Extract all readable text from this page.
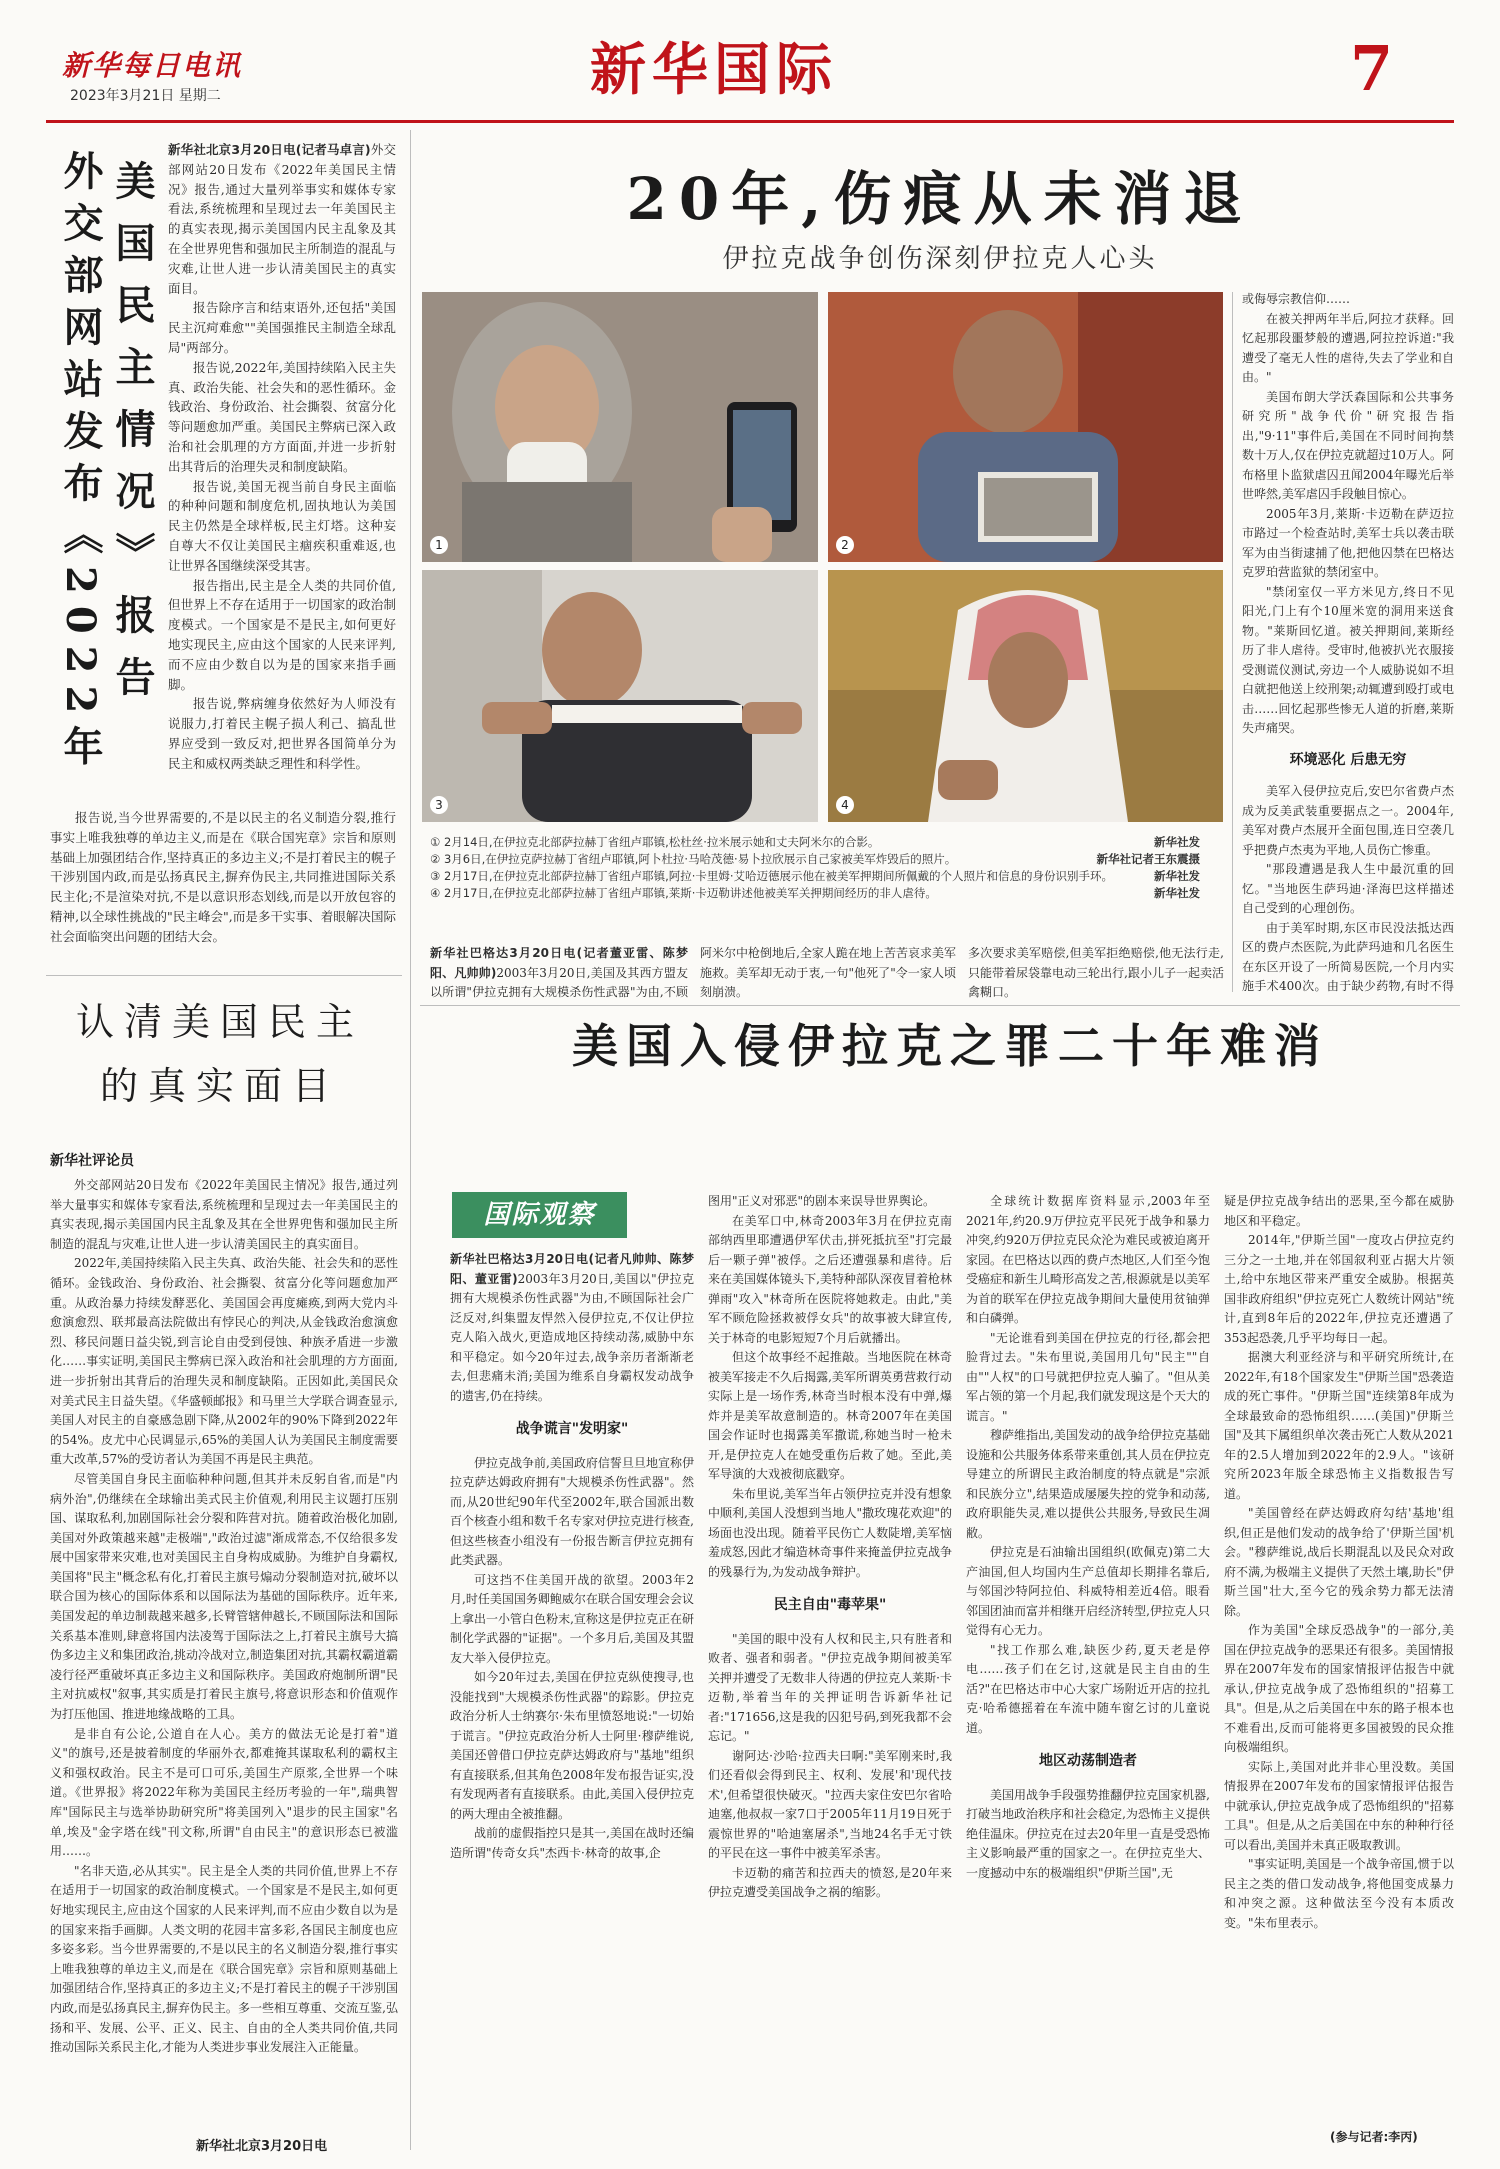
新华每日电讯
2023年3月21日 星期二	新华国际	7
外交部网站发布《2022年 美国民主情况》报告

新华社北京3月20日电(记者马卓言)外交部网站20日发布《2022年美国民主情况》报告,通过大量列举事实和媒体专家看法,系统梳理和呈现过去一年美国民主的真实表现,揭示美国国内民主乱象及其在全世界兜售和强加民主所制造的混乱与灾难,让世人进一步认清美国民主的真实面目。

报告除序言和结束语外,还包括"美国民主沉疴难愈""美国强推民主制造全球乱局"两部分。

报告说,2022年,美国持续陷入民主失真、政治失能、社会失和的恶性循环。金钱政治、身份政治、社会撕裂、贫富分化等问题愈加严重。美国民主弊病已深入政治和社会肌理的方方面面,并进一步折射出其背后的治理失灵和制度缺陷。

报告说,美国无视当前自身民主面临的种种问题和制度危机,固执地认为美国民主仍然是全球样板,民主灯塔。这种妄自尊大不仅让美国民主痼疾积重难返,也让世界各国继续深受其害。

报告指出,民主是全人类的共同价值,但世界上不存在适用于一切国家的政治制度模式。一个国家是不是民主,如何更好地实现民主,应由这个国家的人民来评判,而不应由少数自以为是的国家来指手画脚。

报告说,弊病缠身依然好为人师没有说服力,打着民主幌子损人利己、搞乱世界应受到一致反对,把世界各国简单分为民主和威权两类缺乏理性和科学性。

报告说,当今世界需要的,不是以民主的名义制造分裂,推行事实上唯我独尊的单边主义,而是在《联合国宪章》宗旨和原则基础上加强团结合作,坚持真正的多边主义;不是打着民主的幌子干涉别国内政,而是弘扬真民主,摒弃伪民主,共同推进国际关系民主化;不是渲染对抗,不是以意识形态划线,而是以开放包容的精神,以全球性挑战的"民主峰会",而是多干实事、着眼解决国际社会面临突出问题的团结大会。

认清美国民主
的真实面目
新华社评论员

外交部网站20日发布《2022年美国民主情况》报告,通过列举大量事实和媒体专家看法,系统梳理和呈现过去一年美国民主的真实表现,揭示美国国内民主乱象及其在全世界兜售和强加民主所制造的混乱与灾难,让世人进一步认清美国民主的真实面目。

2022年,美国持续陷入民主失真、政治失能、社会失和的恶性循环。金钱政治、身份政治、社会撕裂、贫富分化等问题愈加严重。从政治暴力持续发酵恶化、美国国会再度瘫痪,到两大党内斗愈演愈烈、联邦最高法院做出有悖民心的判决,从金钱政治愈演愈烈、移民问题日益尖锐,到言论自由受到侵蚀、种族矛盾进一步激化……事实证明,美国民主弊病已深入政治和社会肌理的方方面面,进一步折射出其背后的治理失灵和制度缺陷。正因如此,美国民众对美式民主日益失望。《华盛顿邮报》和马里兰大学联合调查显示,美国人对民主的自豪感急剧下降,从2002年的90%下降到2022年的54%。皮尤中心民调显示,65%的美国人认为美国民主制度需要重大改革,57%的受访者认为美国不再是民主典范。

尽管美国自身民主面临种种问题,但其并未反躬自省,而是"内病外治",仍继续在全球输出美式民主价值观,利用民主议题打压别国、谋取私利,加剧国际社会分裂和阵营对抗。随着政治极化加剧,美国对外政策越来越"走极端","政治过滤"渐成常态,不仅给很多发展中国家带来灾难,也对美国民主自身构成威胁。为维护自身霸权,美国将"民主"概念私有化,打着民主旗号煽动分裂制造对抗,破坏以联合国为核心的国际体系和以国际法为基础的国际秩序。近年来,美国发起的单边制裁越来越多,长臂管辖伸越长,不顾国际法和国际关系基本准则,肆意将国内法凌驾于国际法之上,打着民主旗号大搞伪多边主义和集团政治,挑动冷战对立,制造集团对抗,其霸权霸道霸凌行径严重破坏真正多边主义和国际秩序。美国政府炮制所谓"民主对抗威权"叙事,其实质是打着民主旗号,将意识形态和价值观作为打压他国、推进地缘战略的工具。

是非自有公论,公道自在人心。美方的做法无论是打着"道义"的旗号,还是披着制度的华丽外衣,都难掩其谋取私利的霸权主义和强权政治。民主不是可口可乐,美国生产原浆,全世界一个味道。《世界报》将2022年称为美国民主经历考验的一年",瑞典智库"国际民主与选举协助研究所"将美国列入"退步的民主国家"名单,埃及"金字塔在线"刊文称,所谓"自由民主"的意识形态已被滥用……。

"名非天造,必从其实"。民主是全人类的共同价值,世界上不存在适用于一切国家的政治制度模式。一个国家是不是民主,如何更好地实现民主,应由这个国家的人民来评判,而不应由少数自以为是的国家来指手画脚。人类文明的花园丰富多彩,各国民主制度也应多姿多彩。当今世界需要的,不是以民主的名义制造分裂,推行事实上唯我独尊的单边主义,而是在《联合国宪章》宗旨和原则基础上加强团结合作,坚持真正的多边主义;不是打着民主的幌子干涉别国内政,而是弘扬真民主,摒弃伪民主。多一些相互尊重、交流互鉴,弘扬和平、发展、公平、正义、民主、自由的全人类共同价值,共同推动国际关系民主化,才能为人类进步事业发展注入正能量。

新华社北京3月20日电
20年,伤痕从未消退
伊拉克战争创伤深刻伊拉克人心头
1	2
3	4
新华社发
① 2月14日,在伊拉克北部萨拉赫丁省纽卢耶镇,松杜丝·拉米展示她和丈夫阿米尔的合影。
新华社记者王东震摄
② 3月6日,在伊拉克萨拉赫丁省纽卢耶镇,阿卜杜拉·马哈茂德·易卜拉欣展示自己家被美军炸毁后的照片。
新华社发
③ 2月17日,在伊拉克北部萨拉赫丁省纽卢耶镇,阿拉·卡里姆·艾哈迈德展示他在被美军押期间所佩戴的个人照片和信息的身份识别手环。
新华社发
④ 2月17日,在伊拉克北部萨拉赫丁省纽卢耶镇,莱斯·卡迈勒讲述他被美军关押期间经历的非人虐待。

或侮辱宗教信仰……

在被关押两年半后,阿拉才获释。回忆起那段噩梦般的遭遇,阿拉控诉道:"我遭受了毫无人性的虐待,失去了学业和自由。"

美国布朗大学沃森国际和公共事务研究所"战争代价"研究报告指出,"9·11"事件后,美国在不同时间拘禁数十万人,仅在伊拉克就超过10万人。阿布格里卜监狱虐囚丑闻2004年曝光后举世哗然,美军虐囚手段触目惊心。

2005年3月,莱斯·卡迈勒在萨迈拉市路过一个检查站时,美军士兵以袭击联军为由当街逮捕了他,把他囚禁在巴格达克罗珀营监狱的禁闭室中。

"禁闭室仅一平方米见方,终日不见阳光,门上有个10厘米宽的洞用来送食物。"莱斯回忆道。被关押期间,莱斯经历了非人虐待。受审时,他被扒光衣服接受测谎仪测试,旁边一个人威胁说如不坦白就把他送上绞刑架;动辄遭到殴打或电击……回忆起那些惨无人道的折磨,莱斯失声痛哭。

环境恶化 后患无穷

美军入侵伊拉克后,安巴尔省费卢杰成为反美武装重要据点之一。2004年,美军对费卢杰展开全面包围,连日空袭几乎把费卢杰夷为平地,人员伤亡惨重。

"那段遭遇是我人生中最沉重的回忆。"当地医生萨玛迪·泽海巴这样描述自己受到的心理创伤。

由于美军时期,东区市民没法抵达西区的费卢杰医院,为此萨玛迪和几名医生在东区开设了一所简易医院,一个月内实施手术400次。由于缺少药物,有时不得

新华社巴格达3月20日电(记者董亚雷、陈梦阳、凡帅帅)2003年3月20日,美国及其西方盟友以所谓"伊拉克拥有大规模杀伤性武器"为由,不顾

阿米尔中枪倒地后,全家人跪在地上苦苦哀求美军施救。美军却无动于衷,一句"他死了"令一家人顷刻崩溃。

多次要求美军赔偿,但美军拒绝赔偿,他无法行走,只能带着尿袋靠电动三轮出行,跟小儿子一起卖活禽糊口。

美国入侵伊拉克之罪二十年难消
国际观察

新华社巴格达3月20日电(记者凡帅帅、陈梦阳、董亚雷)2003年3月20日,美国以"伊拉克拥有大规模杀伤性武器"为由,不顾国际社会广泛反对,纠集盟友悍然入侵伊拉克,不仅让伊拉克人陷入战火,更造成地区持续动荡,威胁中东和平稳定。如今20年过去,战争亲历者渐渐老去,但悲痛未消;美国为维系自身霸权发动战争的遗害,仍在持续。

战争谎言"发明家"

伊拉克战争前,美国政府信誓旦旦地宣称伊拉克萨达姆政府拥有"大规模杀伤性武器"。然而,从20世纪90年代至2002年,联合国派出数百个核查小组和数千名专家对伊拉克进行核查,但这些核查小组没有一份报告断言伊拉克拥有此类武器。

可这挡不住美国开战的欲望。2003年2月,时任美国国务卿鲍威尔在联合国安理会会议上拿出一小管白色粉末,宣称这是伊拉克正在研制化学武器的"证据"。一个多月后,美国及其盟友大举入侵伊拉克。

如今20年过去,美国在伊拉克纵使搜寻,也没能找到"大规模杀伤性武器"的踪影。伊拉克政治分析人士纳赛尔·朱布里愤怒地说:"一切始于谎言。"伊拉克政治分析人士阿里·穆萨维说,美国还曾借口伊拉克萨达姆政府与"基地"组织有直接联系,但其角色2008年发布报告证实,没有发现两者有直接联系。由此,美国入侵伊拉克的两大理由全被推翻。

战前的虚假指控只是其一,美国在战时还编造所谓"传奇女兵"杰西卡·林奇的故事,企

图用"正义对邪恶"的剧本来误导世界舆论。

在美军口中,林奇2003年3月在伊拉克南部纳西里耶遭遇伊军伏击,拼死抵抗至"打完最后一颗子弹"被俘。之后还遭强暴和虐待。后来在美国媒体镜头下,美特种部队深夜冒着枪林弹雨"攻入"林奇所在医院将她救走。由此,"美军不顾危险拯救被俘女兵"的故事被大肆宣传,关于林奇的电影短短7个月后就播出。

但这个故事经不起推敲。当地医院在林奇被美军接走不久后揭露,美军所谓英勇营救行动实际上是一场作秀,林奇当时根本没有中弹,爆炸并是美军故意制造的。林奇2007年在美国国会作证时也揭露美军撒谎,称她当时一枪未开,是伊拉克人在她受重伤后救了她。至此,美军导演的大戏被彻底戳穿。

朱布里说,美军当年占领伊拉克并没有想象中顺利,美国人没想到当地人"撒玫瑰花欢迎"的场面也没出现。随着平民伤亡人数陡增,美军恼羞成怒,因此才编造林奇事件来掩盖伊拉克战争的残暴行为,为发动战争辩护。

民主自由"毒苹果"

"美国的眼中没有人权和民主,只有胜者和败者、强者和弱者。"伊拉克战争期间被美军关押并遭受了无数非人待遇的伊拉克人莱斯·卡迈勒,举着当年的关押证明告诉新华社记者:"171656,这是我的囚犯号码,到死我都不会忘记。"

谢阿达·沙哈·拉西夫曰啊:"美军刚来时,我们还看似会得到民主、权利、发展'和'现代技术',但希望很快破灭。"拉西夫家住安巴尔省哈迪塞,他叔叔一家7口于2005年11月19日死于震惊世界的"哈迪塞屠杀",当地24名手无寸铁的平民在这一事件中被美军杀害。

卡迈勒的痛苦和拉西夫的愤怒,是20年来伊拉克遭受美国战争之祸的缩影。

全球统计数据库资料显示,2003年至2021年,约20.9万伊拉克平民死于战争和暴力冲突,约920万伊拉克民众沦为难民或被迫离开家园。在巴格达以西的费卢杰地区,人们至今饱受癌症和新生儿畸形高发之苦,根源就是以美军为首的联军在伊拉克战争期间大量使用贫铀弹和白磷弹。

"无论谁看到美国在伊拉克的行径,都会把脸背过去。"朱布里说,美国用几句"民主""自由""人权"的口号就把伊拉克人骗了。"但从美军占领的第一个月起,我们就发现这是个天大的谎言。"

穆萨维指出,美国发动的战争给伊拉克基础设施和公共服务体系带来重创,其人员在伊拉克导建立的所谓民主政治制度的特点就是"宗派和民族分立",结果造成屡屡失控的党争和动荡,政府职能失灵,难以提供公共服务,导致民生凋敝。

伊拉克是石油输出国组织(欧佩克)第二大产油国,但人均国内生产总值却长期排名靠后,与邻国沙特阿拉伯、科威特相差近4倍。眼看邻国团油而富并相继开启经济转型,伊拉克人只觉得有心无力。

"找工作那么难,缺医少药,夏天老是停电……孩子们在乞讨,这就是民主自由的生活?"在巴格达市中心大家广场附近开店的拉扎克·哈希德摇着在车流中随车窗乞讨的儿童说道。

地区动荡制造者

美国用战争手段强势推翻伊拉克国家机器,打破当地政治秩序和社会稳定,为恐怖主义提供绝佳温床。伊拉克在过去20年里一直是受恐怖主义影响最严重的国家之一。在伊拉克坐大、一度撼动中东的极端组织"伊斯兰国",无

疑是伊拉克战争结出的恶果,至今都在威胁地区和平稳定。

2014年,"伊斯兰国"一度攻占伊拉克约三分之一土地,并在邻国叙利亚占据大片领土,给中东地区带来严重安全威胁。根据英国非政府组织"伊拉克死亡人数统计网站"统计,直到8年后的2022年,伊拉克还遭遇了353起恐袭,几乎平均每日一起。

据澳大利亚经济与和平研究所统计,在2022年,有18个国家发生"伊斯兰国"恐袭造成的死亡事件。"伊斯兰国"连续第8年成为全球最致命的恐怖组织……(美国)"伊斯兰国"及其下属组织单次袭击死亡人数从2021年的2.5人增加到2022年的2.9人。"该研究所2023年版全球恐怖主义指数报告写道。

"美国曾经在萨达姆政府勾结'基地'组织,但正是他们发动的战争给了'伊斯兰国'机会。"穆萨维说,战后长期混乱以及民众对政府不满,为极端主义提供了天然土壤,助长"伊斯兰国"壮大,至今它的残余势力都无法清除。

作为美国"全球反恐战争"的一部分,美国在伊拉克战争的恶果还有很多。美国情报界在2007年发布的国家情报评估报告中就承认,伊拉克战争成了恐怖组织的"招募工具"。但是,从之后美国在中东的路子根本也不难看出,反而可能将更多国被毁的民众推向极端组织。

实际上,美国对此并非心里没数。美国情报界在2007年发布的国家情报评估报告中就承认,伊拉克战争成了恐怖组织的"招募工具"。但是,从之后美国在中东的种种行径可以看出,美国并未真正吸取教训。

"事实证明,美国是一个战争帝国,惯于以民主之类的借口发动战争,将他国变成暴力和冲突之源。这种做法至今没有本质改变。"朱布里表示。

(参与记者:李丙)
